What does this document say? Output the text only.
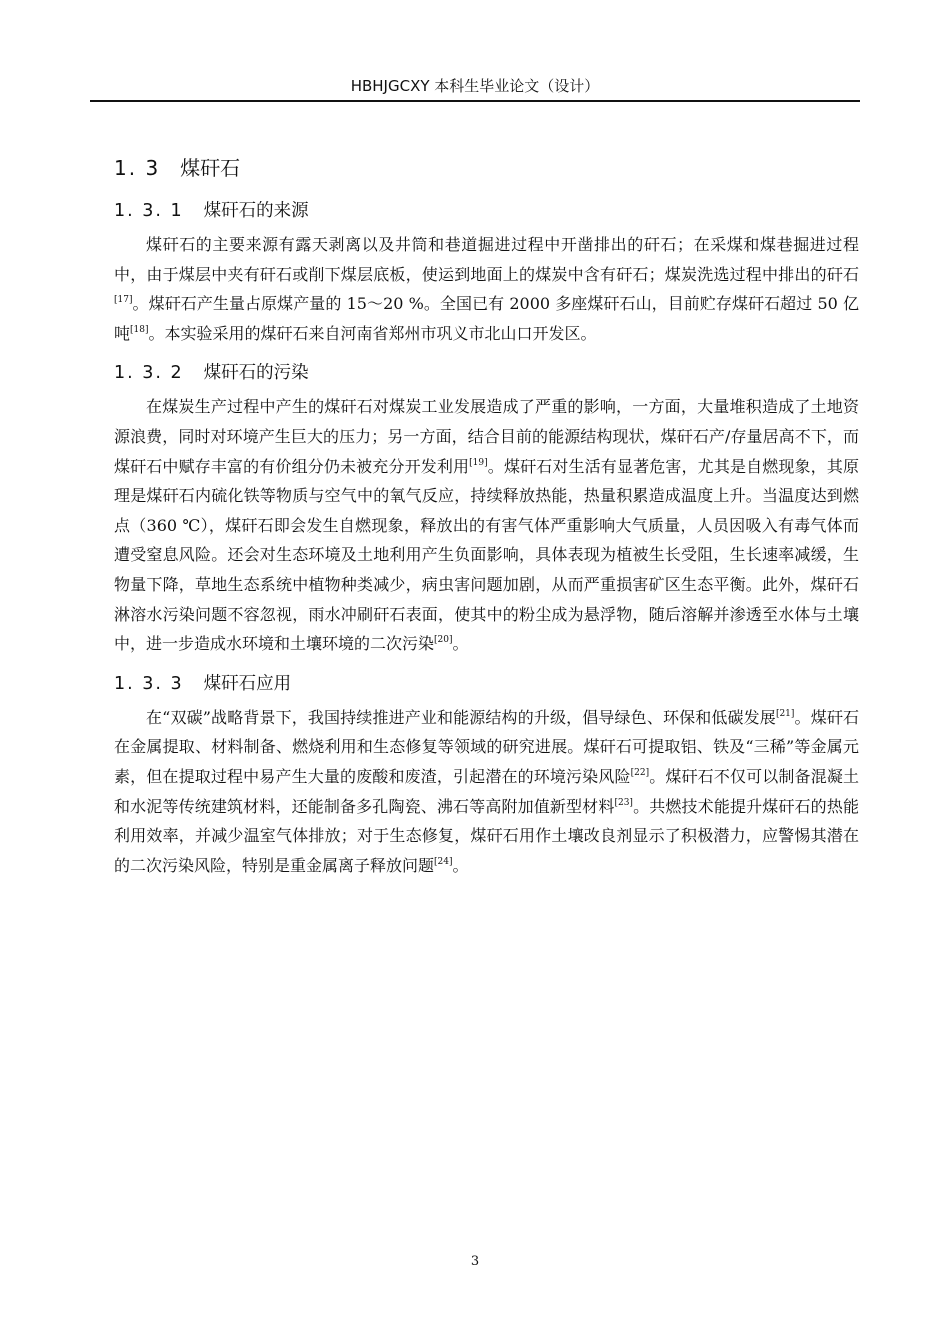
HBHJGCXY 本科生毕业论文（设计）
1. 3 煤矸石
1. 3. 1 煤矸石的来源

煤矸石的主要来源有露天剥离以及井筒和巷道掘进过程中开凿排出的矸石；在采煤和煤巷掘进过程中，由于煤层中夹有矸石或削下煤层底板，使运到地面上的煤炭中含有矸石；煤炭洗选过程中排出的矸石[17]。煤矸石产生量占原煤产量的 15～20 %。全国已有 2000 多座煤矸石山，目前贮存煤矸石超过 50 亿吨[18]。本实验采用的煤矸石来自河南省郑州市巩义市北山口开发区。

1. 3. 2 煤矸石的污染

在煤炭生产过程中产生的煤矸石对煤炭工业发展造成了严重的影响，一方面，大量堆积造成了土地资源浪费，同时对环境产生巨大的压力；另一方面，结合目前的能源结构现状，煤矸石产/存量居高不下，而煤矸石中赋存丰富的有价组分仍未被充分开发利用[19]。煤矸石对生活有显著危害，尤其是自燃现象，其原理是煤矸石内硫化铁等物质与空气中的氧气反应，持续释放热能，热量积累造成温度上升。当温度达到燃点（360 ℃），煤矸石即会发生自燃现象，释放出的有害气体严重影响大气质量，人员因吸入有毒气体而遭受窒息风险。还会对生态环境及土地利用产生负面影响，具体表现为植被生长受阻，生长速率减缓，生物量下降，草地生态系统中植物种类减少，病虫害问题加剧，从而严重损害矿区生态平衡。此外，煤矸石淋溶水污染问题不容忽视，雨水冲刷矸石表面，使其中的粉尘成为悬浮物，随后溶解并渗透至水体与土壤中，进一步造成水环境和土壤环境的二次污染[20]。

1. 3. 3 煤矸石应用

在“双碳”战略背景下，我国持续推进产业和能源结构的升级，倡导绿色、环保和低碳发展[21]。煤矸石在金属提取、材料制备、燃烧利用和生态修复等领域的研究进展。煤矸石可提取铝、铁及“三稀”等金属元素，但在提取过程中易产生大量的废酸和废渣，引起潜在的环境污染风险[22]。煤矸石不仅可以制备混凝土和水泥等传统建筑材料，还能制备多孔陶瓷、沸石等高附加值新型材料[23]。共燃技术能提升煤矸石的热能利用效率，并减少温室气体排放；对于生态修复，煤矸石用作土壤改良剂显示了积极潜力，应警惕其潜在的二次污染风险，特别是重金属离子释放问题[24]。

3
